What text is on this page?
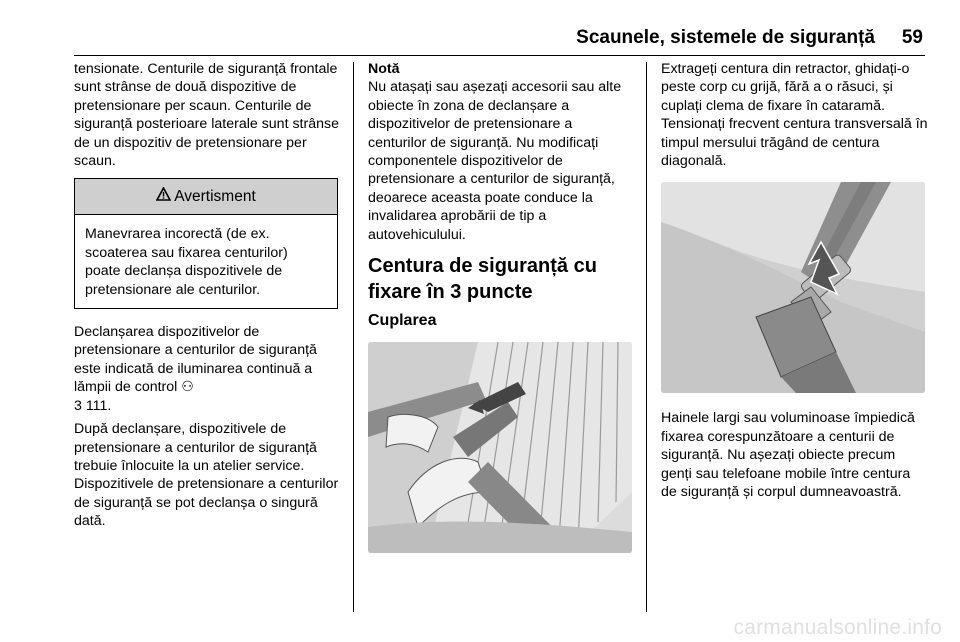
Scaunele, sistemele de siguranță 59

tensionate. Centurile de siguranță frontale sunt strânse de două dispozitive de pretensionare per scaun. Centurile de siguranță posterioare laterale sunt strânse de un dispozitiv de pretensionare per scaun.

Avertisment
Manevrarea incorectă (de ex. scoaterea sau fixarea centurilor) poate declanșa dispozitivele de pretensionare ale centurilor.

Declanșarea dispozitivelor de pretensionare a centurilor de siguranță este indicată de iluminarea continuă a lămpii de control ⚇
3 111.

După declanșare, dispozitivele de pretensionare a centurilor de siguranță trebuie înlocuite la un atelier service. Dispozitivele de pretensionare a centurilor de siguranță se pot declanșa o singură dată.

Notă
Nu atașați sau așezați accesorii sau alte obiecte în zona de declanșare a dispozitivelor de pretensionare a centurilor de siguranță. Nu modificați componentele dispozitivelor de pretensionare a centurilor de siguranță, deoarece aceasta poate conduce la invalidarea aprobării de tip a autovehiculului.
Centura de siguranță cu fixare în 3 puncte
Cuplarea

Extrageți centura din retractor, ghidați-o peste corp cu grijă, fără a o răsuci, și cuplați clema de fixare în cataramă. Tensionați frecvent centura transversală în timpul mersului trăgând de centura diagonală.

Hainele largi sau voluminoase împiedică fixarea corespunzătoare a centurii de siguranță. Nu așezați obiecte precum genți sau telefoane mobile între centura de siguranță și corpul dumneavoastră.

carmanualsonline.info
